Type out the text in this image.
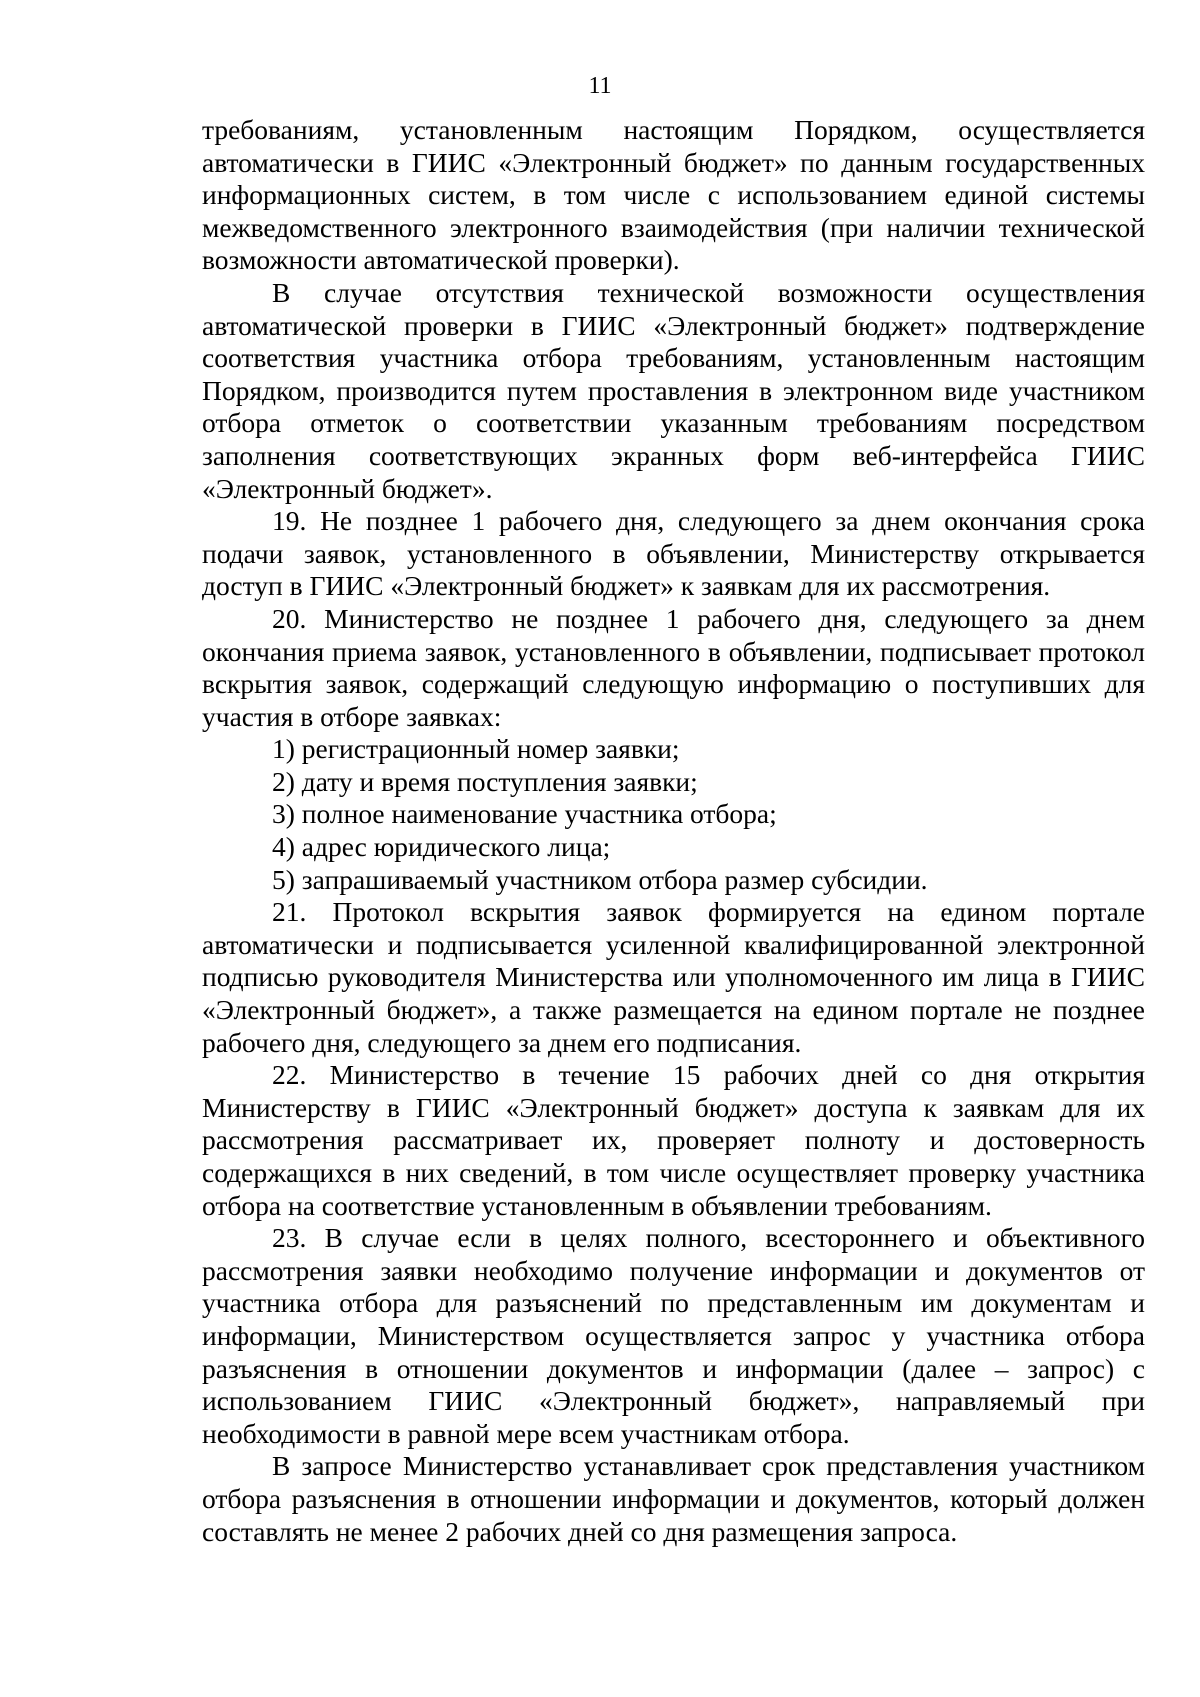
11

требованиям, установленным настоящим Порядком, осуществляется автоматически в ГИИС «Электронный бюджет» по данным государственных информационных систем, в том числе с использованием единой системы межведомственного электронного взаимодействия (при наличии технической возможности автоматической проверки).

В случае отсутствия технической возможности осуществления автоматической проверки в ГИИС «Электронный бюджет» подтверждение соответствия участника отбора требованиям, установленным настоящим Порядком, производится путем проставления в электронном виде участником отбора отметок о соответствии указанным требованиям посредством заполнения соответствующих экранных форм веб-интерфейса ГИИС «Электронный бюджет».

19. Не позднее 1 рабочего дня, следующего за днем окончания срока подачи заявок, установленного в объявлении, Министерству открывается доступ в ГИИС «Электронный бюджет» к заявкам для их рассмотрения.

20. Министерство не позднее 1 рабочего дня, следующего за днем окончания приема заявок, установленного в объявлении, подписывает протокол вскрытия заявок, содержащий следующую информацию о поступивших для участия в отборе заявках:

1) регистрационный номер заявки;

2) дату и время поступления заявки;

3) полное наименование участника отбора;

4) адрес юридического лица;

5) запрашиваемый участником отбора размер субсидии.

21. Протокол вскрытия заявок формируется на едином портале автоматически и подписывается усиленной квалифицированной электронной подписью руководителя Министерства или уполномоченного им лица в ГИИС «Электронный бюджет», а также размещается на едином портале не позднее рабочего дня, следующего за днем его подписания.

22. Министерство в течение 15 рабочих дней со дня открытия Министерству в ГИИС «Электронный бюджет» доступа к заявкам для их рассмотрения рассматривает их, проверяет полноту и достоверность содержащихся в них сведений, в том числе осуществляет проверку участника отбора на соответствие установленным в объявлении требованиям.

23. В случае если в целях полного, всестороннего и объективного рассмотрения заявки необходимо получение информации и документов от участника отбора для разъяснений по представленным им документам и информации, Министерством осуществляется запрос у участника отбора разъяснения в отношении документов и информации (далее – запрос) с использованием ГИИС «Электронный бюджет», направляемый при необходимости в равной мере всем участникам отбора.

В запросе Министерство устанавливает срок представления участником отбора разъяснения в отношении информации и документов, который должен составлять не менее 2 рабочих дней со дня размещения запроса.
